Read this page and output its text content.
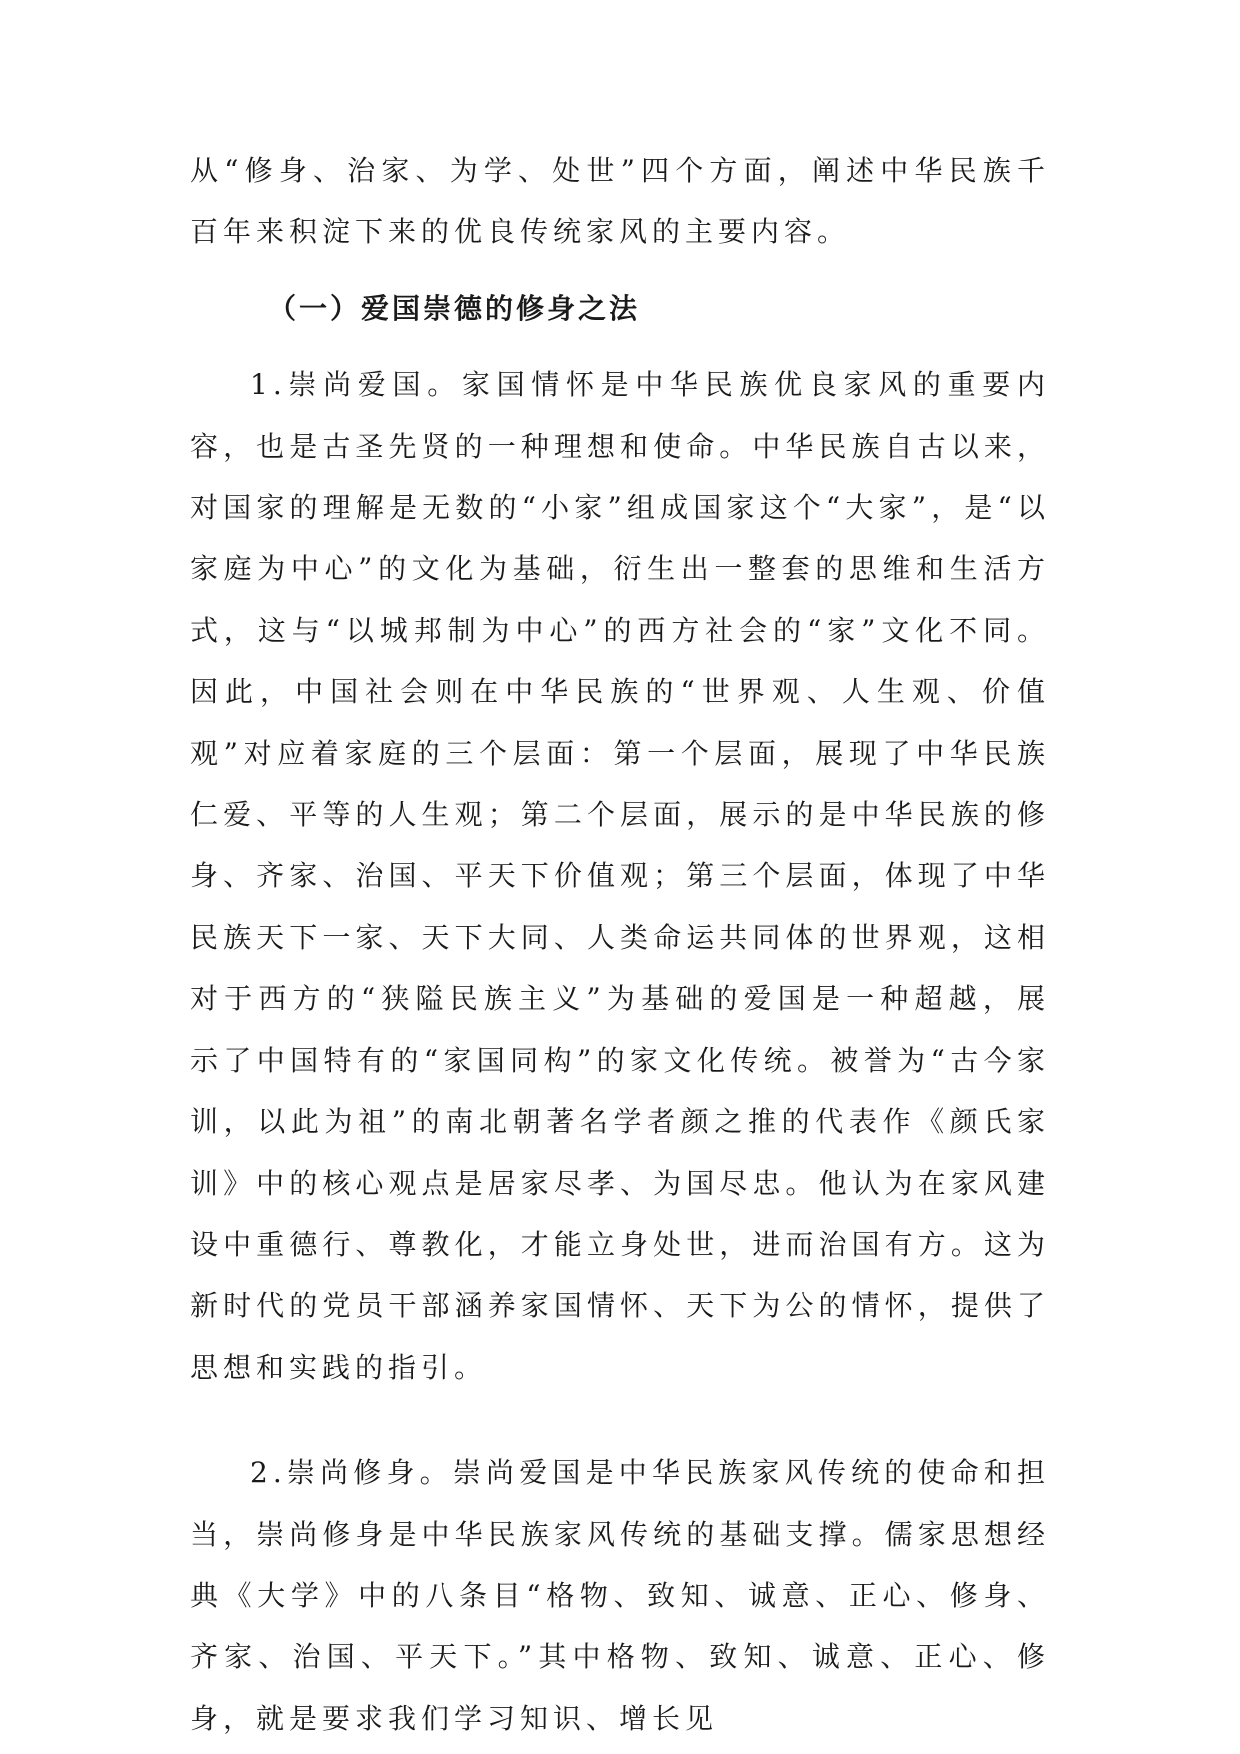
从“修身、治家、为学、处世”四个方面，阐述中华民族千百年来积淀下来的优良传统家风的主要内容。

（一）爱国崇德的修身之法

1.崇尚爱国。家国情怀是中华民族优良家风的重要内容，也是古圣先贤的一种理想和使命。中华民族自古以来，对国家的理解是无数的“小家”组成国家这个“大家”，是“以家庭为中心”的文化为基础，衍生出一整套的思维和生活方式，这与“以城邦制为中心”的西方社会的“家”文化不同。因此，中国社会则在中华民族的“世界观、人生观、价值观”对应着家庭的三个层面：第一个层面，展现了中华民族仁爱、平等的人生观；第二个层面，展示的是中华民族的修身、齐家、治国、平天下价值观；第三个层面，体现了中华民族天下一家、天下大同、人类命运共同体的世界观，这相对于西方的“狭隘民族主义”为基础的爱国是一种超越，展示了中国特有的“家国同构”的家文化传统。被誉为“古今家训，以此为祖”的南北朝著名学者颜之推的代表作《颜氏家训》中的核心观点是居家尽孝、为国尽忠。他认为在家风建设中重德行、尊教化，才能立身处世，进而治国有方。这为新时代的党员干部涵养家国情怀、天下为公的情怀，提供了思想和实践的指引。

2.崇尚修身。崇尚爱国是中华民族家风传统的使命和担当，崇尚修身是中华民族家风传统的基础支撑。儒家思想经典《大学》中的八条目“格物、致知、诚意、正心、修身、齐家、治国、平天下。”其中格物、致知、诚意、正心、修身，就是要求我们学习知识、增长见
